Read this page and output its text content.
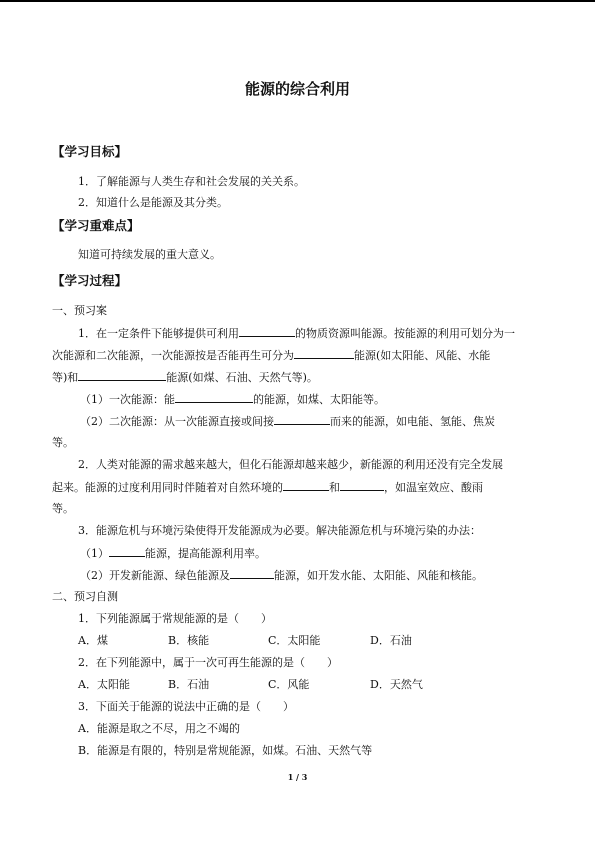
能源的综合利用
【学习目标】
1．了解能源与人类生存和社会发展的关关系。
2．知道什么是能源及其分类。
【学习重难点】
知道可持续发展的重大意义。
【学习过程】
一、预习案
1．在一定条件下能够提供可利用	的物质资源叫能源。按能源的利用可划分为一
次能源和二次能源，一次能源按是否能再生可分为	能源(如太阳能、风能、水能
等)和	能源(如煤、石油、天然气等)。
（1）一次能源：能	的能源，如煤、太阳能等。
（2）二次能源：从一次能源直接或间接	而来的能源，如电能、氢能、焦炭
等。
2．人类对能源的需求越来越大，但化石能源却越来越少，新能源的利用还没有完全发展
起来。能源的过度利用同时伴随着对自然环境的	和	，如温室效应、酸雨
等。
3．能源危机与环境污染使得开发能源成为必要。解决能源危机与环境污染的办法：
（1）	能源，提高能源利用率。
（2）开发新能源、绿色能源及	能源，如开发水能、太阳能、风能和核能。
二、预习自测
1．下列能源属于常规能源的是（　　）
A．煤	B．核能	C．太阳能	D．石油
2．在下列能源中，属于一次可再生能源的是（　　）
A．太阳能	B．石油	C．风能	D．天然气
3．下面关于能源的说法中正确的是（　　）
A．能源是取之不尽，用之不竭的
B．能源是有限的，特别是常规能源，如煤。石油、天然气等
1 / 3
